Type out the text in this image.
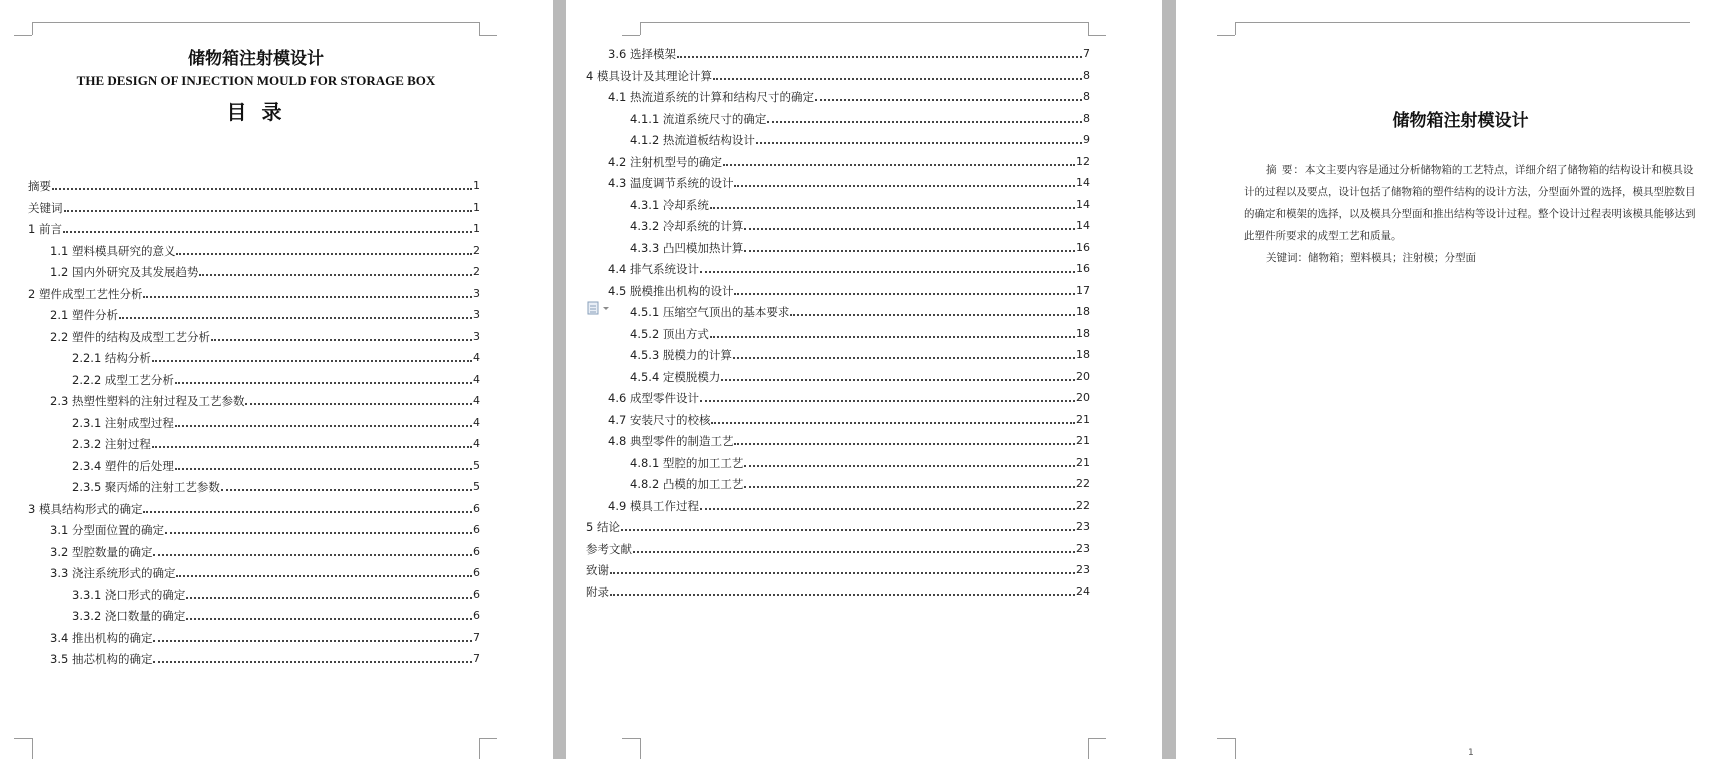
储物箱注射模设计
THE DESIGN OF INJECTION MOULD FOR STORAGE BOX
目 录
摘要	1
关键词	1
1 前言	1
1.1 塑料模具研究的意义	2
1.2 国内外研究及其发展趋势	2
2 塑件成型工艺性分析	3
2.1 塑件分析	3
2.2 塑件的结构及成型工艺分析	3
2.2.1 结构分析	4
2.2.2 成型工艺分析	4
2.3 热塑性塑料的注射过程及工艺参数	4
2.3.1 注射成型过程	4
2.3.2 注射过程	4
2.3.4 塑件的后处理	5
2.3.5 聚丙烯的注射工艺参数	5
3 模具结构形式的确定	6
3.1 分型面位置的确定	6
3.2 型腔数量的确定	6
3.3 浇注系统形式的确定	6
3.3.1 浇口形式的确定	6
3.3.2 浇口数量的确定	6
3.4 推出机构的确定	7
3.5 抽芯机构的确定	7
3.6 选择模架	7
4 模具设计及其理论计算	8
4.1 热流道系统的计算和结构尺寸的确定	8
4.1.1 流道系统尺寸的确定	8
4.1.2 热流道板结构设计	9
4.2 注射机型号的确定	12
4.3 温度调节系统的设计	14
4.3.1 冷却系统	14
4.3.2 冷却系统的计算	14
4.3.3 凸凹模加热计算	16
4.4 排气系统设计	16
4.5 脱模推出机构的设计	17
4.5.1 压缩空气顶出的基本要求	18
4.5.2 顶出方式	18
4.5.3 脱模力的计算	18
4.5.4 定模脱模力	20
4.6 成型零件设计	20
4.7 安装尺寸的校核	21
4.8 典型零件的制造工艺	21
4.8.1 型腔的加工工艺	21
4.8.2 凸模的加工工艺	22
4.9 模具工作过程	22
5 结论	23
参考文献	23
致谢	23
附录	24
储物箱注射模设计
摘 要：本文主要内容是通过分析储物箱的工艺特点，详细介绍了储物箱的结构设计和模具设
计的过程以及要点，设计包括了储物箱的塑件结构的设计方法，分型面外置的选择，模具型腔数目
的确定和模架的选择，以及模具分型面和推出结构等设计过程。整个设计过程表明该模具能够达到
此塑件所要求的成型工艺和质量。
关键词：储物箱；塑料模具；注射模；分型面
1
